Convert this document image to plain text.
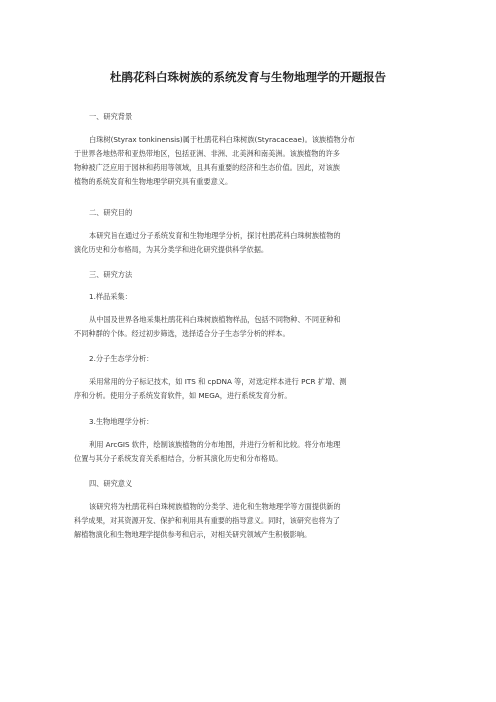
杜鹃花科白珠树族的系统发育与生物地理学的开题报告
一、研究背景
白珠树(Styrax tonkinensis)属于杜鹃花科白珠树族(Styracaceae)。该族植物分布
于世界各地热带和亚热带地区，包括亚洲、非洲、北美洲和南美洲。该族植物的许多
物种被广泛应用于园林和药用等领域，且具有重要的经济和生态价值。因此，对该族
植物的系统发育和生物地理学研究具有重要意义。
二、研究目的
本研究旨在通过分子系统发育和生物地理学分析，探讨杜鹃花科白珠树族植物的
演化历史和分布格局，为其分类学和进化研究提供科学依据。
三、研究方法
1.样品采集：
从中国及世界各地采集杜鹃花科白珠树族植物样品，包括不同物种、不同亚种和
不同种群的个体。经过初步筛选，选择适合分子生态学分析的样本。
2.分子生态学分析：
采用常用的分子标记技术，如 ITS 和 cpDNA 等，对选定样本进行 PCR 扩增、测
序和分析。使用分子系统发育软件，如 MEGA，进行系统发育分析。
3.生物地理学分析：
利用 ArcGIS 软件，绘制该族植物的分布地图，并进行分析和比较。将分布地理
位置与其分子系统发育关系相结合，分析其演化历史和分布格局。
四、研究意义
该研究将为杜鹃花科白珠树族植物的分类学、进化和生物地理学等方面提供新的
科学成果，对其资源开发、保护和利用具有重要的指导意义。同时，该研究也将为了
解植物演化和生物地理学提供参考和启示，对相关研究领域产生积极影响。
